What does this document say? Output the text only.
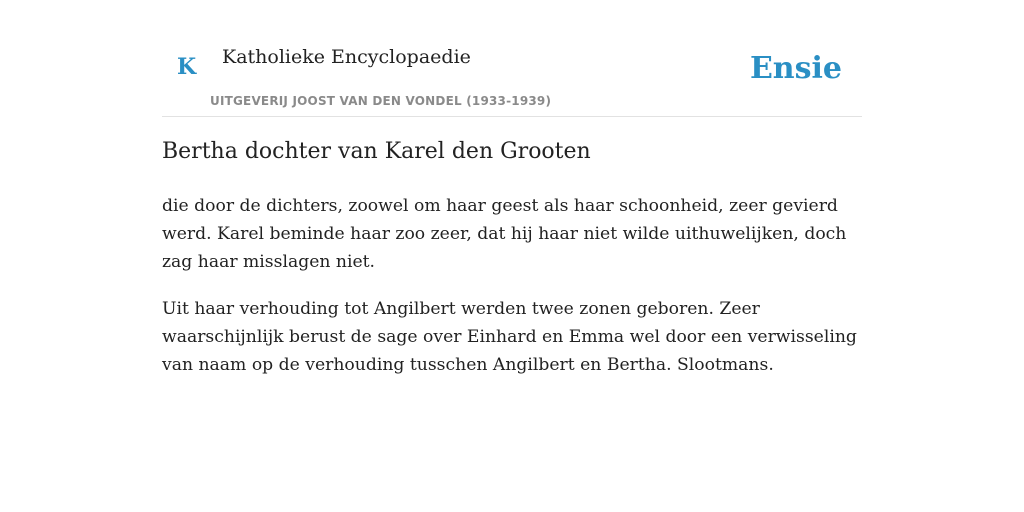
K Katholieke Encyclopaedie
UITGEVERIJ JOOST VAN DEN VONDEL (1933-1939)
Ensie
Bertha dochter van Karel den Grooten

die door de dichters, zoowel om haar geest als haar schoonheid, zeer gevierd werd. Karel beminde haar zoo zeer, dat hij haar niet wilde uithuwelijken, doch zag haar misslagen niet.

Uit haar verhouding tot Angilbert werden twee zonen geboren. Zeer waarschijnlijk berust de sage over Einhard en Emma wel door een verwisseling van naam op de verhouding tusschen Angilbert en Bertha. Slootmans.
